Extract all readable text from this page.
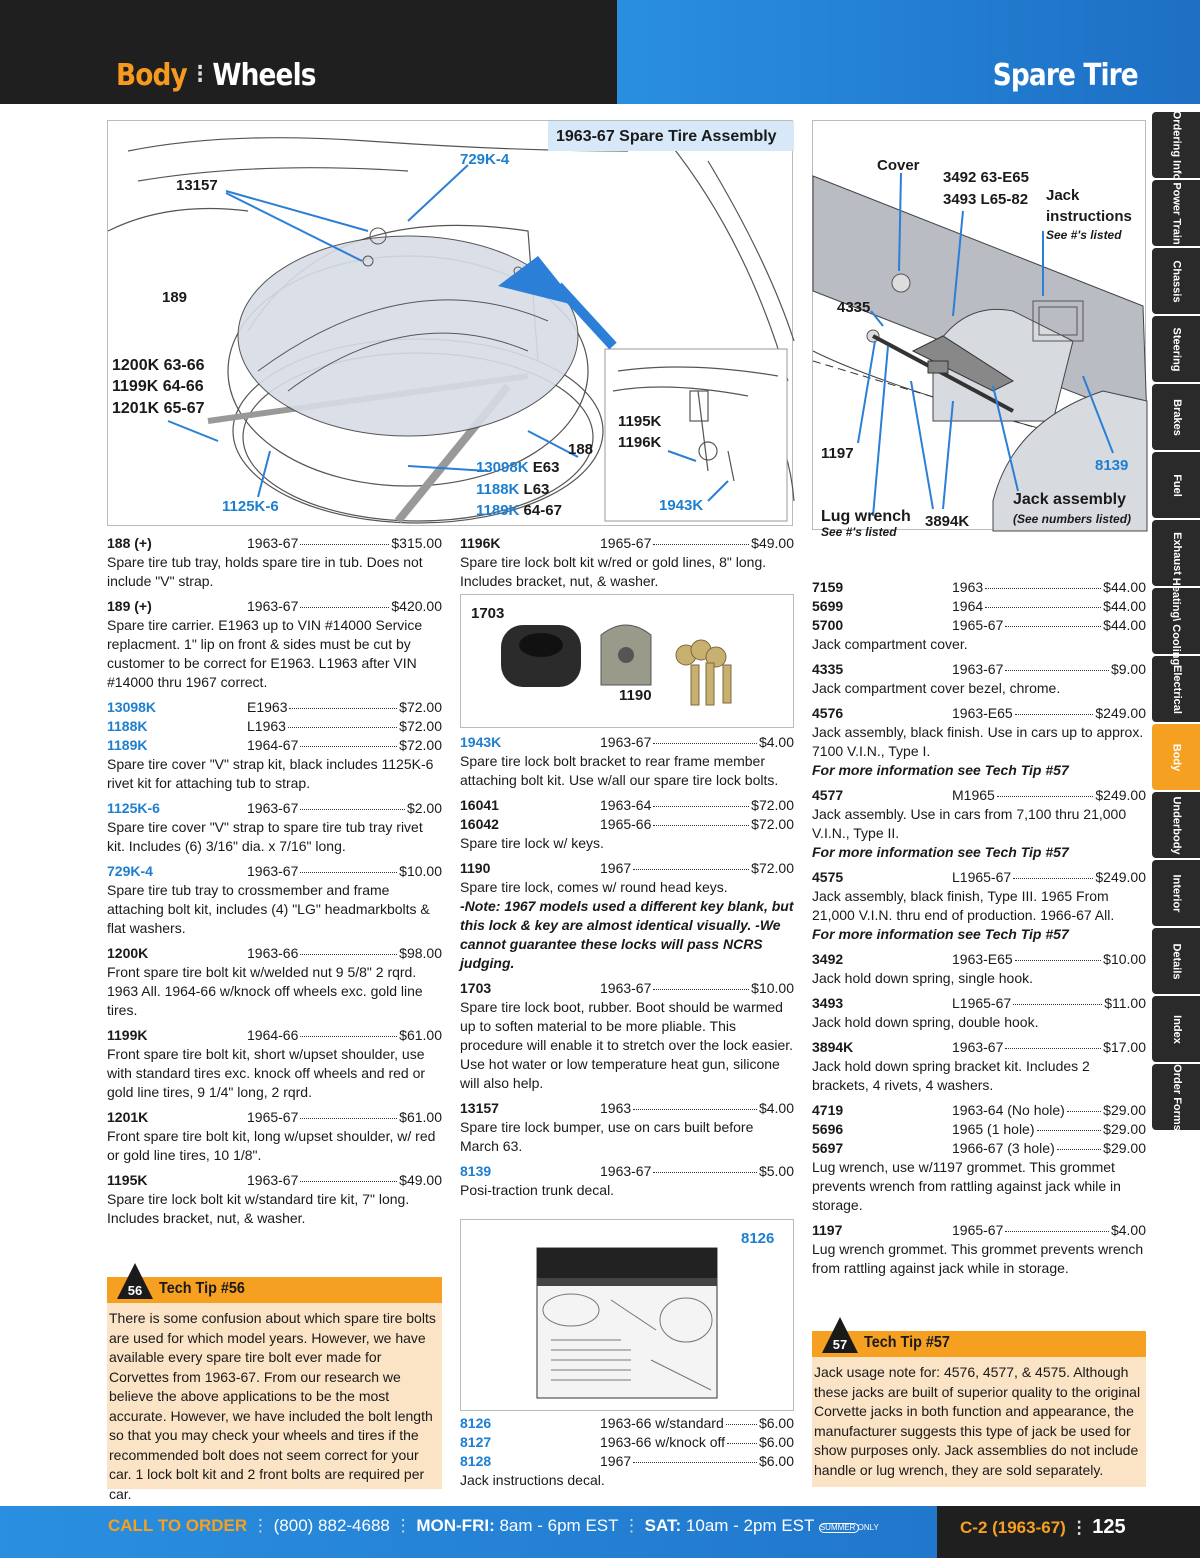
Body ⋮ Wheels	Spare Tire
Ordering Info
Power Train
Chassis
Steering
Brakes
Fuel
Exhaust
Heating\ Cooling
Electrical
Body
Underbody
Interior
Details
Index
Order Forms
1963-67 Spare Tire Assembly
729K-4
13157
189
1200K 63-66
1199K 64-66
1201K 65-67
1125K-6
188
13098K E63
1188K L63
1189K 64-67
1195K
1196K
1943K
Cover
3492 63-E65
3493 L65-82 Jack
instructions
See #'s listed
4335
1197
8139
Lug wrench
See #'s listed
3894K
Jack assembly
(See numbers listed)
188 (+)	1963-67	$315.00
Spare tire tub tray, holds spare tire in tub. Does not include "V" strap.
189 (+)	1963-67	$420.00
Spare tire carrier. E1963 up to VIN #14000 Service replacment. 1" lip on front & sides must be cut by customer to be correct for E1963. L1963 after VIN #14000 thru 1967 correct.
13098K	E1963	$72.00
1188K	L1963	$72.00
1189K	1964-67	$72.00
Spare tire cover "V" strap kit, black includes 1125K-6 rivet kit for attaching tub to strap.
1125K-6	1963-67	$2.00
Spare tire cover "V" strap to spare tire tub tray rivet kit. Includes (6) 3/16" dia. x 7/16" long.
729K-4	1963-67	$10.00
Spare tire tub tray to crossmember and frame attaching bolt kit, includes (4) "LG" headmarkbolts & flat washers.
1200K	1963-66	$98.00
Front spare tire bolt kit w/welded nut 9 5/8" 2 rqrd. 1963 All. 1964-66 w/knock off wheels exc. gold line tires.
1199K	1964-66	$61.00
Front spare tire bolt kit, short w/upset shoulder, use with standard tires exc. knock off wheels and red or gold line tires, 9 1/4" long, 2 rqrd.
1201K	1965-67	$61.00
Front spare tire bolt kit, long w/upset shoulder, w/ red or gold line tires, 10 1/8".
1195K	1963-67	$49.00
Spare tire lock bolt kit w/standard tire kit, 7" long. Includes bracket, nut, & washer.
56	Tech Tip #56
There is some confusion about which spare tire bolts are used for which model years. However, we have available every spare tire bolt ever made for Corvettes from 1963-67. From our research we believe the above applications to be the most accurate. However, we have included the bolt length so that you may check your wheels and tires if the recommended bolt does not seem correct for your car. 1 lock bolt kit and 2 front bolts are required per car.
1196K	1965-67	$49.00
Spare tire lock bolt kit w/red or gold lines, 8" long. Includes bracket, nut, & washer.
1703
1190
1943K	1963-67	$4.00
Spare tire lock bolt bracket to rear frame member attaching bolt kit. Use w/all our spare tire lock bolts.
16041	1963-64	$72.00
16042	1965-66	$72.00
Spare tire lock w/ keys.
1190	1967	$72.00
Spare tire lock, comes w/ round head keys.
-Note: 1967 models used a different key blank, but this lock & key are almost identical visually. -We cannot guarantee these locks will pass NCRS judging.
1703	1963-67	$10.00
Spare tire lock boot, rubber. Boot should be warmed up to soften material to be more pliable. This procedure will enable it to stretch over the lock easier. Use hot water or low temperature heat gun, silicone will also help.
13157	1963	$4.00
Spare tire lock bumper, use on cars built before March 63.
8139	1963-67	$5.00
Posi-traction trunk decal.
8126
8126	1963-66 w/standard	$6.00
8127	1963-66 w/knock off $6.00
8128	1967	$6.00
Jack instructions decal.
7159	1963	$44.00
5699	1964	$44.00
5700	1965-67	$44.00
Jack compartment cover.
4335	1963-67	$9.00
Jack compartment cover bezel, chrome.
4576	1963-E65	$249.00
Jack assembly, black finish. Use in cars up to approx. 7100 V.I.N., Type I.
For more information see Tech Tip #57
4577	M1965	$249.00
Jack assembly. Use in cars from 7,100 thru 21,000 V.I.N., Type II.
For more information see Tech Tip #57
4575	L1965-67	$249.00
Jack assembly, black finish, Type III. 1965 From 21,000 V.I.N. thru end of production. 1966-67 All.
For more information see Tech Tip #57
3492	1963-E65	$10.00
Jack hold down spring, single hook.
3493	L1965-67	$11.00
Jack hold down spring, double hook.
3894K	1963-67	$17.00
Jack hold down spring bracket kit. Includes 2 brackets, 4 rivets, 4 washers.
4719	1963-64 (No hole)	$29.00
5696	1965 (1 hole)	$29.00
5697	1966-67 (3 hole)	$29.00
Lug wrench, use w/1197 grommet. This grommet prevents wrench from rattling against jack while in storage.
1197	1965-67	$4.00
Lug wrench grommet. This grommet prevents wrench from rattling against jack while in storage.
57	Tech Tip #57
Jack usage note for: 4576, 4577, & 4575. Although these jacks are built of superior quality to the original Corvette jacks in both function and appearance, the manufacturer suggests this type of jack be used for show purposes only. Jack assemblies do not include handle or lug wrench, they are sold separately.
CALL TO ORDER ⋮ (800) 882-4688 ⋮ MON-FRI: 8am - 6pm EST ⋮ SAT: 10am - 2pm EST SUMMER ONLY	C-2 (1963-67) ⋮ 125
